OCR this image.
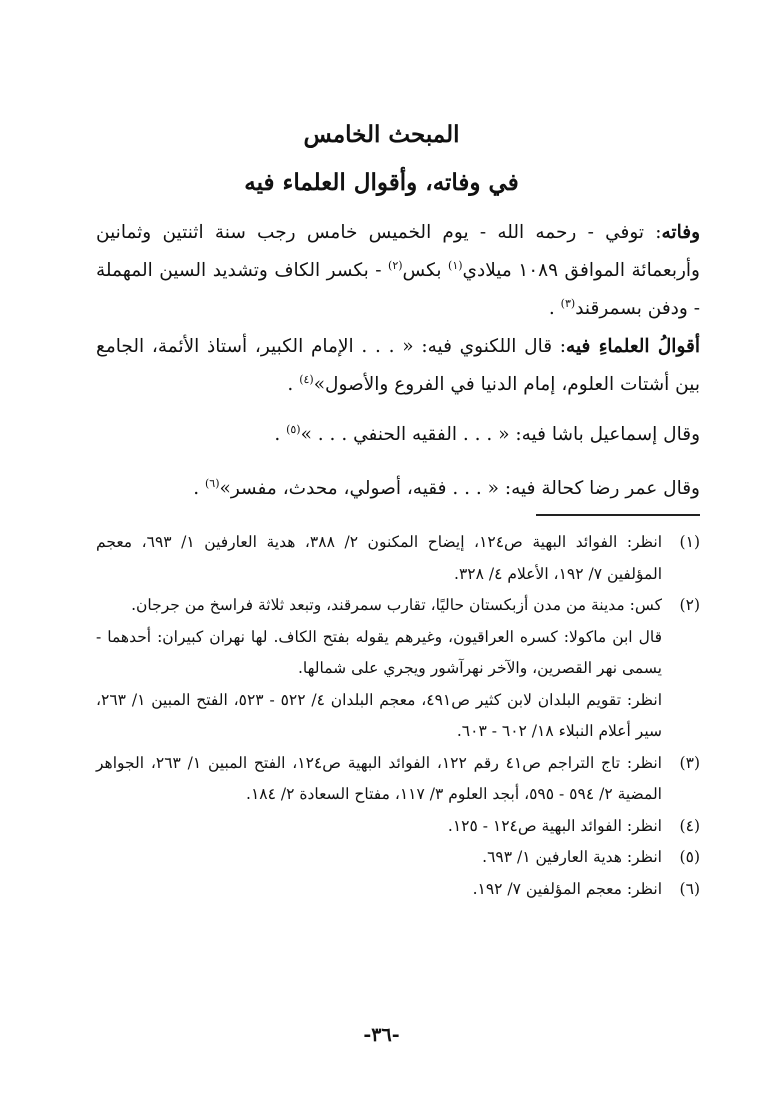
المبحث الخامس
في وفاته، وأقوال العلماء فيه
وفاته: توفي - رحمه الله - يوم الخميس خامس رجب سنة اثنتين وثمانين وأربعمائة الموافق ١٠٨٩ ميلادي$^{(١)}$ بكس$^{(٢)}$ - بكسر الكاف وتشديد السين المهملة - ودفن بسمرقند$^{(٣)}$ .
أقوالُ العلماءِ فيه: قال اللكنوي فيه: « . . . الإمام الكبير، أستاذ الأئمة، الجامع بين أشتات العلوم، إمام الدنيا في الفروع والأصول»$^{(٤)}$ .
وقال إسماعيل باشا فيه: « . . . الفقيه الحنفي . . . »$^{(٥)}$ .
وقال عمر رضا كحالة فيه: « . . . فقيه، أصولي، محدث، مفسر»$^{(٦)}$ .
(١)
انظر: الفوائد البهية ص١٢٤، إيضاح المكنون ٢/ ٣٨٨، هدية العارفين ١/ ٦٩٣، معجم المؤلفين ٧/ ١٩٢، الأعلام ٤/ ٣٢٨.
(٢)
كس: مدينة من مدن أزبكستان حاليًا، تقارب سمرقند، وتبعد ثلاثة فراسخ من جرجان.
قال ابن ماكولا: كسره العراقيون، وغيرهم يقوله بفتح الكاف. لها نهران كبيران: أحدهما - يسمى نهر القصرين، والآخر نهرآشور ويجري على شمالها.
انظر: تقويم البلدان لابن كثير ص٤٩١، معجم البلدان ٤/ ٥٢٢ - ٥٢٣، الفتح المبين ١/ ٢٦٣، سير أعلام النبلاء ١٨/ ٦٠٢ - ٦٠٣.
(٣)
انظر: تاج التراجم ص٤١ رقم ١٢٢، الفوائد البهية ص١٢٤، الفتح المبين ١/ ٢٦٣، الجواهر المضية ٢/ ٥٩٤ - ٥٩٥، أبجد العلوم ٣/ ١١٧، مفتاح السعادة ٢/ ١٨٤.
(٤)
انظر: الفوائد البهية ص١٢٤ - ١٢٥.
(٥)
انظر: هدية العارفين ١/ ٦٩٣.
(٦)
انظر: معجم المؤلفين ٧/ ١٩٢.
-٣٦-
